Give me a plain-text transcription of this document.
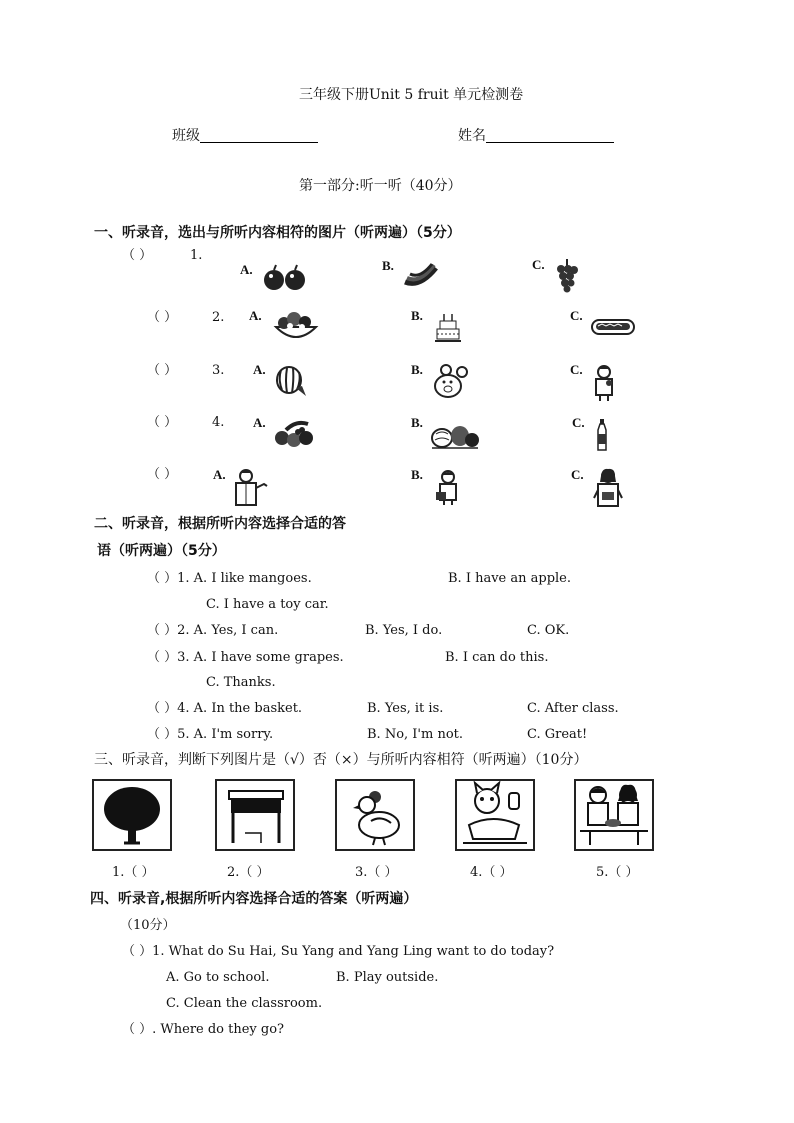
三年级下册Unit 5 fruit 单元检测卷
班级	姓名
第一部分:听一听（40分）
一、听录音，选出与所听内容相符的图片（听两遍）（5分）
（ ）	1.
A.	B.	C.
（ ）	2. A.	B.	C.
（ ）	3. A.	B.	C.
（ ）	4. A.	B.	C.
（ ）	A.	B.	C.
二、听录音，根据所听内容选择合适的答
语（听两遍）（5分）
（ ）1. A. I like mangoes.	B. I have an apple.
C. I have a toy car.
（ ）2. A. Yes, I can.	B. Yes, I do.	C. OK.
（ ）3. A. I have some grapes.	B. I can do this.
C. Thanks.
（ ）4. A. In the basket.	B. Yes, it is.	C. After class.
（ ）5. A. I'm sorry.	B. No, I'm not.	C. Great!
三、听录音，判断下列图片是（√）否（×）与所听内容相符（听两遍）（10分）
1.（ ）	2.（ ）	3.（ ）	4.（ ）	5.（ ）
四、听录音,根据所听内容选择合适的答案（听两遍）
（10分）
（ ）1. What do Su Hai, Su Yang and Yang Ling want to do today?
A. Go to school.	B. Play outside.
C. Clean the classroom.
（ ）. Where do they go?
